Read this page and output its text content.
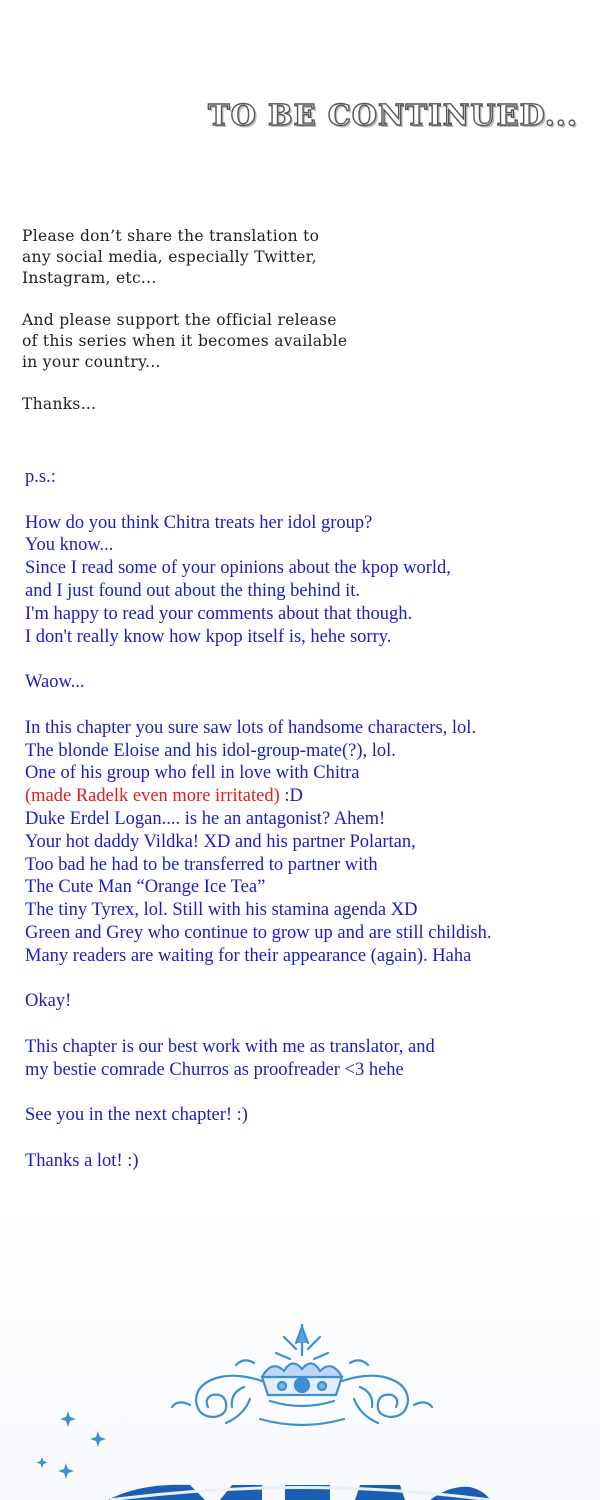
TO BE CONTINUED...
Please don’t share the translation to
any social media, especially Twitter,
Instagram, etc...
And please support the official release
of this series when it becomes available
in your country...
Thanks...
p.s.:
How do you think Chitra treats her idol group?
You know...
Since I read some of your opinions about the kpop world,
and I just found out about the thing behind it.
I'm happy to read your comments about that though.
I don't really know how kpop itself is, hehe sorry.
Waow...
In this chapter you sure saw lots of handsome characters, lol.
The blonde Eloise and his idol-group-mate(?), lol.
One of his group who fell in love with Chitra
(made Radelk even more irritated) :D
Duke Erdel Logan.... is he an antagonist? Ahem!
Your hot daddy Vildka! XD and his partner Polartan,
Too bad he had to be transferred to partner with
The Cute Man “Orange Ice Tea”
The tiny Tyrex, lol. Still with his stamina agenda XD
Green and Grey who continue to grow up and are still childish.
Many readers are waiting for their appearance (again). Haha
Okay!
This chapter is our best work with me as translator, and
my bestie comrade Churros as proofreader <3 hehe
See you in the next chapter! :)
Thanks a lot! :)
